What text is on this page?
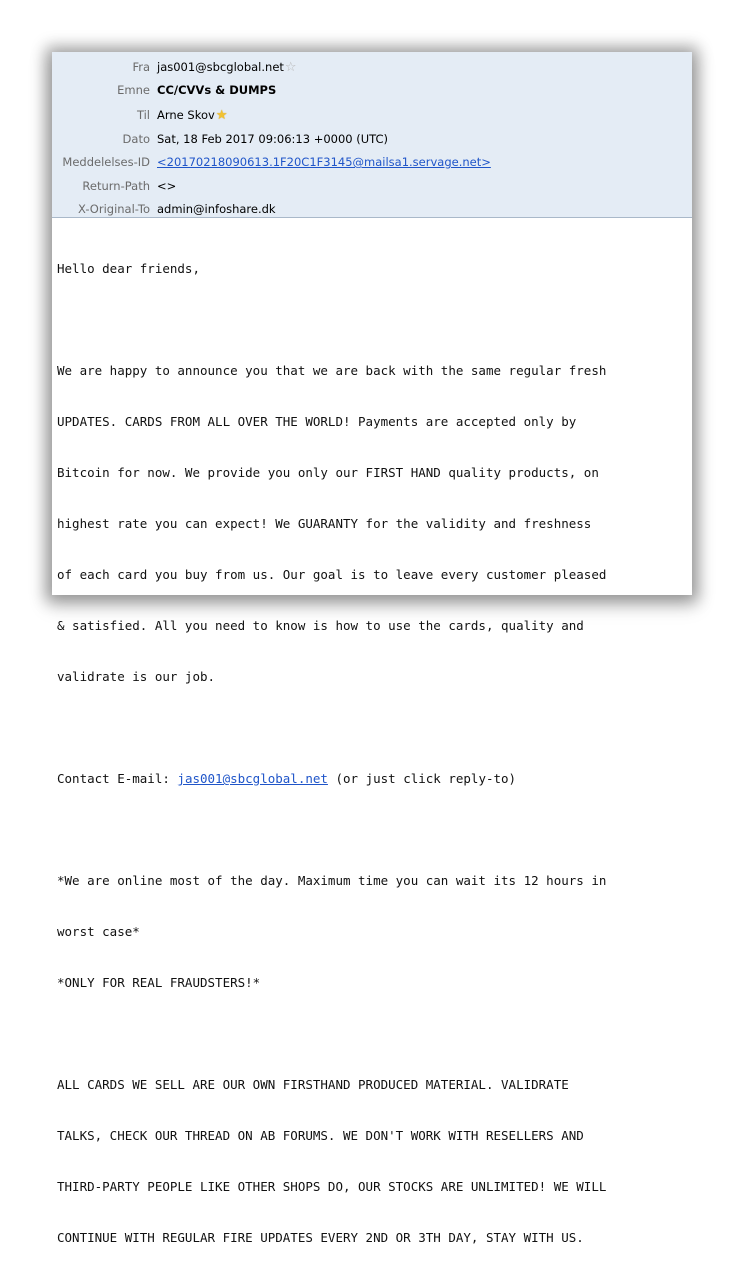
Fra jas001@sbcglobal.net☆
Emne CC/CVVs & DUMPS
Til Arne Skov★
Dato Sat, 18 Feb 2017 09:06:13 +0000 (UTC)
Meddelelses-ID <20170218090613.1F20C1F3145@mailsa1.servage.net>
Return-Path <>
X-Original-To admin@infoshare.dk

Hello dear friends,

We are happy to announce you that we are back with the same regular fresh

UPDATES. CARDS FROM ALL OVER THE WORLD! Payments are accepted only by

Bitcoin for now. We provide you only our FIRST HAND quality products, on

highest rate you can expect! We GUARANTY for the validity and freshness

of each card you buy from us. Our goal is to leave every customer pleased

& satisfied. All you need to know is how to use the cards, quality and

validrate is our job.

Contact E-mail: jas001@sbcglobal.net (or just click reply-to)

*We are online most of the day. Maximum time you can wait its 12 hours in

worst case*

*ONLY FOR REAL FRAUDSTERS!*

ALL CARDS WE SELL ARE OUR OWN FIRSTHAND PRODUCED MATERIAL. VALIDRATE

TALKS, CHECK OUR THREAD ON AB FORUMS. WE DON'T WORK WITH RESELLERS AND

THIRD-PARTY PEOPLE LIKE OTHER SHOPS DO, OUR STOCKS ARE UNLIMITED! WE WILL

CONTINUE WITH REGULAR FIRE UPDATES EVERY 2ND OR 3TH DAY, STAY WITH US.
